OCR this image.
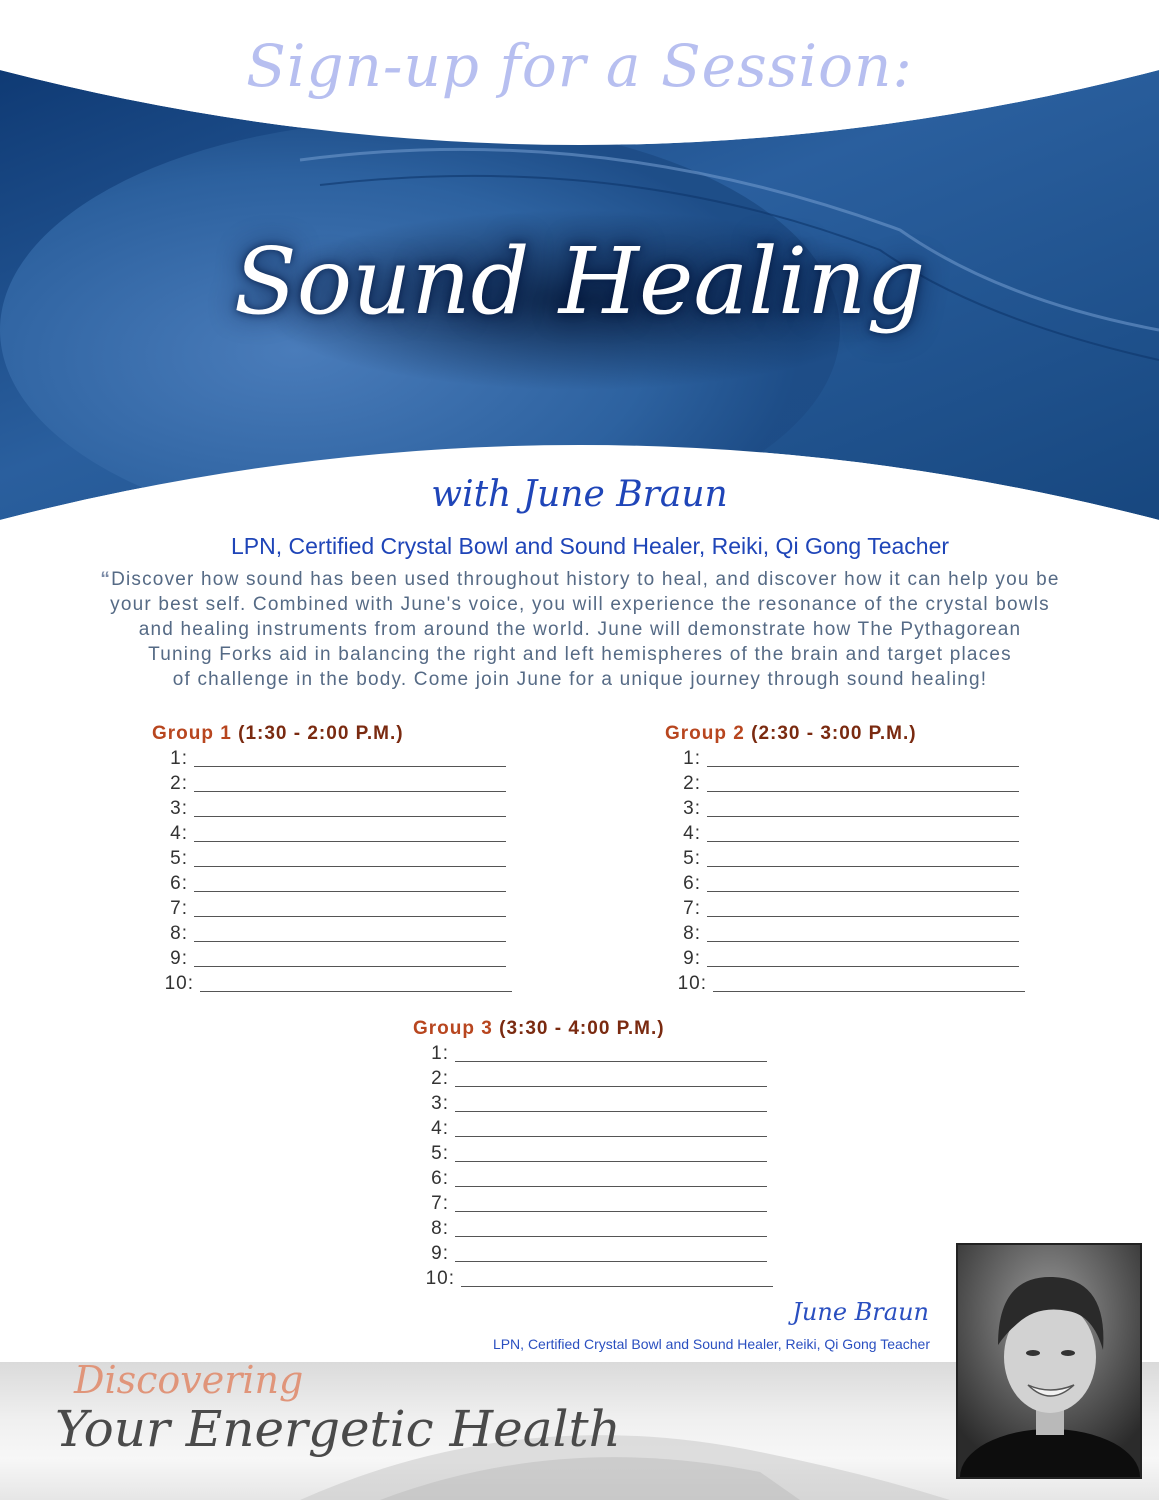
Sign-up for a Session:
Sound Healing
with June Braun
LPN, Certified Crystal Bowl and Sound Healer, Reiki, Qi Gong Teacher
“Discover how sound has been used throughout history to heal, and discover how it can help you be
your best self. Combined with June's voice, you will experience the resonance of the crystal bowls
and healing instruments from around the world. June will demonstrate how The Pythagorean
Tuning Forks aid in balancing the right and left hemispheres of the brain and target places
of challenge in the body. Come join June for a unique journey through sound healing!
Group 1 (1:30 - 2:00 P.M.)
1:
2:
3:
4:
5:
6:
7:
8:
9:
10:
Group 2 (2:30 - 3:00 P.M.)
1:
2:
3:
4:
5:
6:
7:
8:
9:
10:
Group 3 (3:30 - 4:00 P.M.)
1:
2:
3:
4:
5:
6:
7:
8:
9:
10:
June Braun
LPN, Certified Crystal Bowl and Sound Healer, Reiki, Qi Gong Teacher
Discovering
Your Energetic Health
